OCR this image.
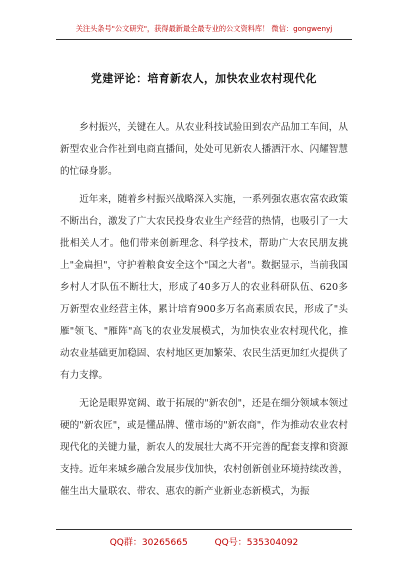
关注头条号"公文研究"，获得最新最全最专业的公文资料库！ 微信：gongwenyj
党建评论：培育新农人，加快农业农村现代化

乡村振兴，关键在人。从农业科技试验田到农产品加工车间，从新型农业合作社到电商直播间，处处可见新农人播洒汗水、闪耀智慧的忙碌身影。

近年来，随着乡村振兴战略深入实施，一系列强农惠农富农政策不断出台，激发了广大农民投身农业生产经营的热情，也吸引了一大批相关人才。他们带来创新理念、科学技术，帮助广大农民朋友挑上"金扁担"，守护着粮食安全这个"国之大者"。数据显示，当前我国乡村人才队伍不断壮大，形成了40多万人的农业科研队伍、620多万新型农业经营主体，累计培育900多万名高素质农民，形成了"头雁"领飞、"雁阵"高飞的农业发展模式，为加快农业农村现代化，推动农业基础更加稳固、农村地区更加繁荣、农民生活更加红火提供了有力支撑。

无论是眼界宽阔、敢于拓展的"新农创"，还是在细分领域本领过硬的"新农匠"，或是懂品牌、懂市场的"新农商"，作为推动农业农村现代化的关键力量，新农人的发展壮大离不开完善的配套支撑和资源支持。近年来城乡融合发展步伐加快，农村创新创业环境持续改善，催生出大量联农、带农、惠农的新产业新业态新模式，为振

QQ群：30265665	QQ号：535304092
